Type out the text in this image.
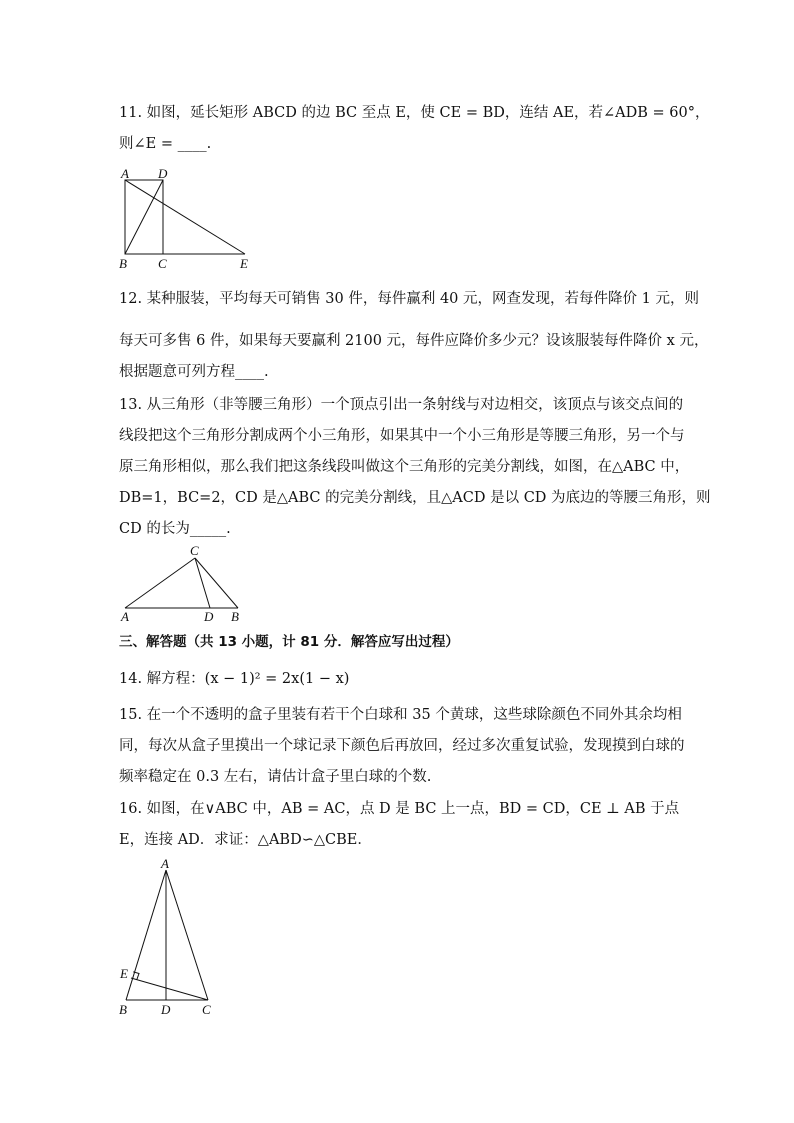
11. 如图，延长矩形 ABCD 的边 BC 至点 E，使 CE = BD，连结 AE，若∠ADB = 60°，
则∠E = ____.
A D
B C	E
12. 某种服装，平均每天可销售 30 件，每件赢利 40 元，网查发现，若每件降价 1 元，则
每天可多售 6 件，如果每天要赢利 2100 元，每件应降价多少元？设该服装每件降价 x 元，
根据题意可列方程____.
13. 从三角形（非等腰三角形）一个顶点引出一条射线与对边相交，该顶点与该交点间的
线段把这个三角形分割成两个小三角形，如果其中一个小三角形是等腰三角形，另一个与
原三角形相似，那么我们把这条线段叫做这个三角形的完美分割线，如图，在△ABC 中，
DB=1，BC=2，CD 是△ABC 的完美分割线，且△ACD 是以 CD 为底边的等腰三角形，则
CD 的长为_____.
C
A	D B
三、解答题（共 13 小题，计 81 分．解答应写出过程）
14. 解方程：(x − 1)² = 2x(1 − x)
15. 在一个不透明的盒子里装有若干个白球和 35 个黄球，这些球除颜色不同外其余均相
同，每次从盒子里摸出一个球记录下颜色后再放回，经过多次重复试验，发现摸到白球的
频率稳定在 0.3 左右，请估计盒子里白球的个数.
16. 如图，在∨ABC 中，AB = AC，点 D 是 BC 上一点，BD = CD，CE ⊥ AB 于点
E，连接 AD．求证：△ABD∽△CBE．
A
E
B	D C
